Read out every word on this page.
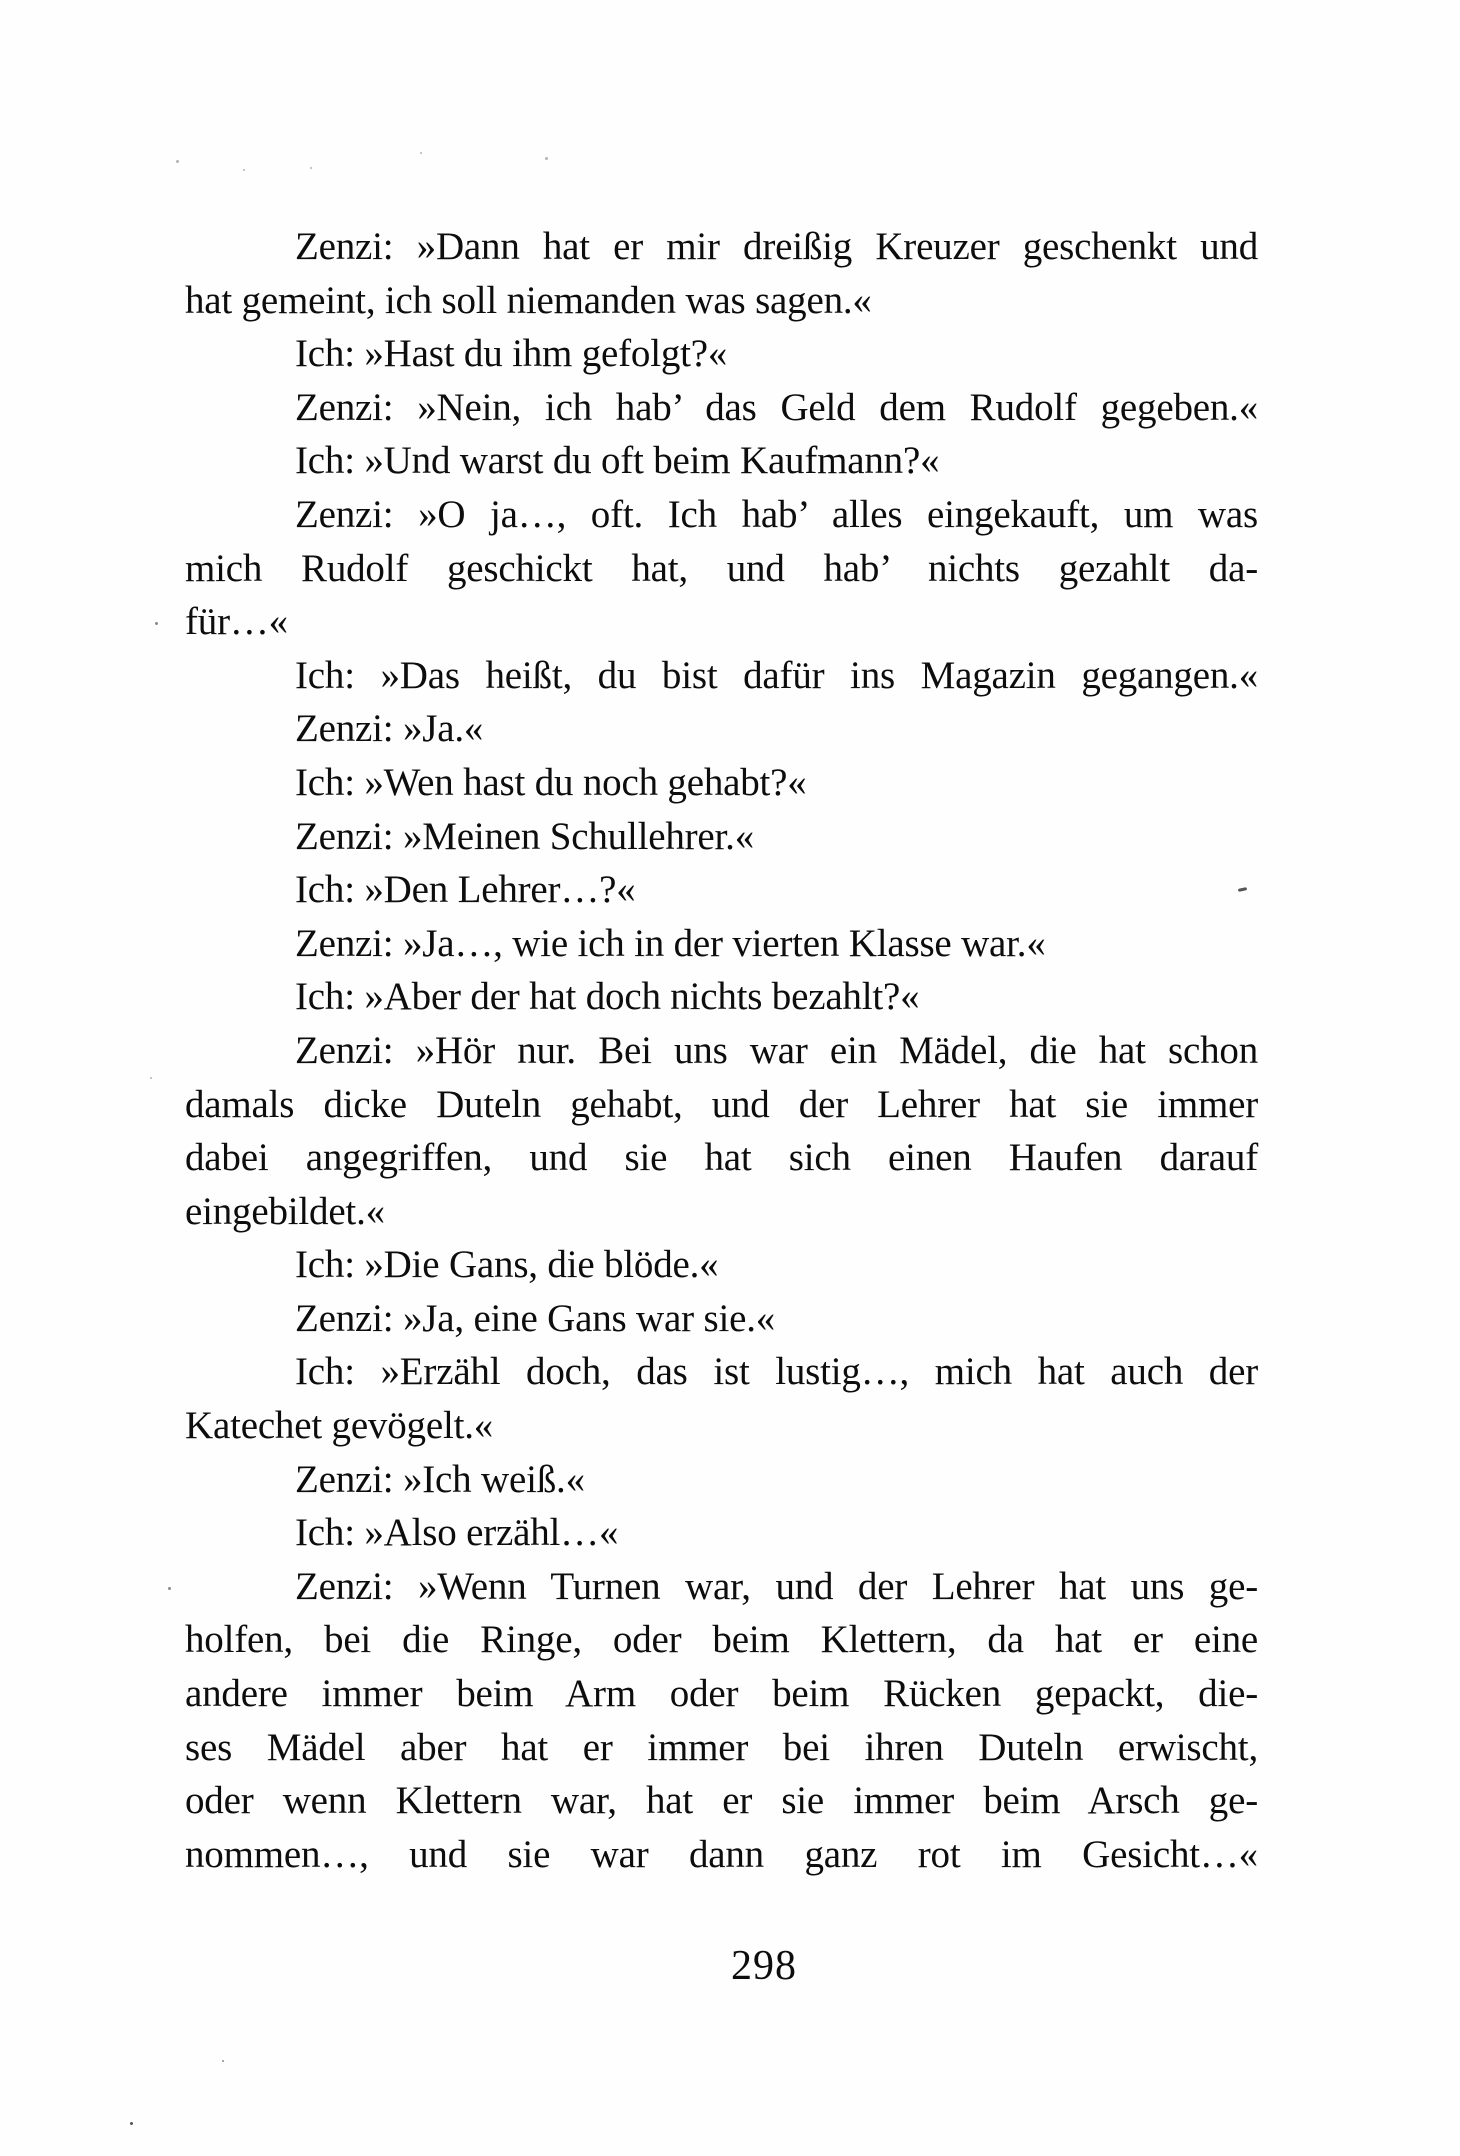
Zenzi: »Dann hat er mir dreißig Kreuzer geschenkt und
hat gemeint, ich soll niemanden was sagen.«
Ich: »Hast du ihm gefolgt?«
Zenzi: »Nein, ich hab’ das Geld dem Rudolf gegeben.«
Ich: »Und warst du oft beim Kaufmann?«
Zenzi: »O ja…, oft. Ich hab’ alles eingekauft, um was
mich Rudolf geschickt hat, und hab’ nichts gezahlt da-
für…«
Ich: »Das heißt, du bist dafür ins Magazin gegangen.«
Zenzi: »Ja.«
Ich: »Wen hast du noch gehabt?«
Zenzi: »Meinen Schullehrer.«
Ich: »Den Lehrer…?«
Zenzi: »Ja…, wie ich in der vierten Klasse war.«
Ich: »Aber der hat doch nichts bezahlt?«
Zenzi: »Hör nur. Bei uns war ein Mädel, die hat schon
damals dicke Duteln gehabt, und der Lehrer hat sie immer
dabei angegriffen, und sie hat sich einen Haufen darauf
eingebildet.«
Ich: »Die Gans, die blöde.«
Zenzi: »Ja, eine Gans war sie.«
Ich: »Erzähl doch, das ist lustig…, mich hat auch der
Katechet gevögelt.«
Zenzi: »Ich weiß.«
Ich: »Also erzähl…«
Zenzi: »Wenn Turnen war, und der Lehrer hat uns ge-
holfen, bei die Ringe, oder beim Klettern, da hat er eine
andere immer beim Arm oder beim Rücken gepackt, die-
ses Mädel aber hat er immer bei ihren Duteln erwischt,
oder wenn Klettern war, hat er sie immer beim Arsch ge-
nommen…, und sie war dann ganz rot im Gesicht…«
298
